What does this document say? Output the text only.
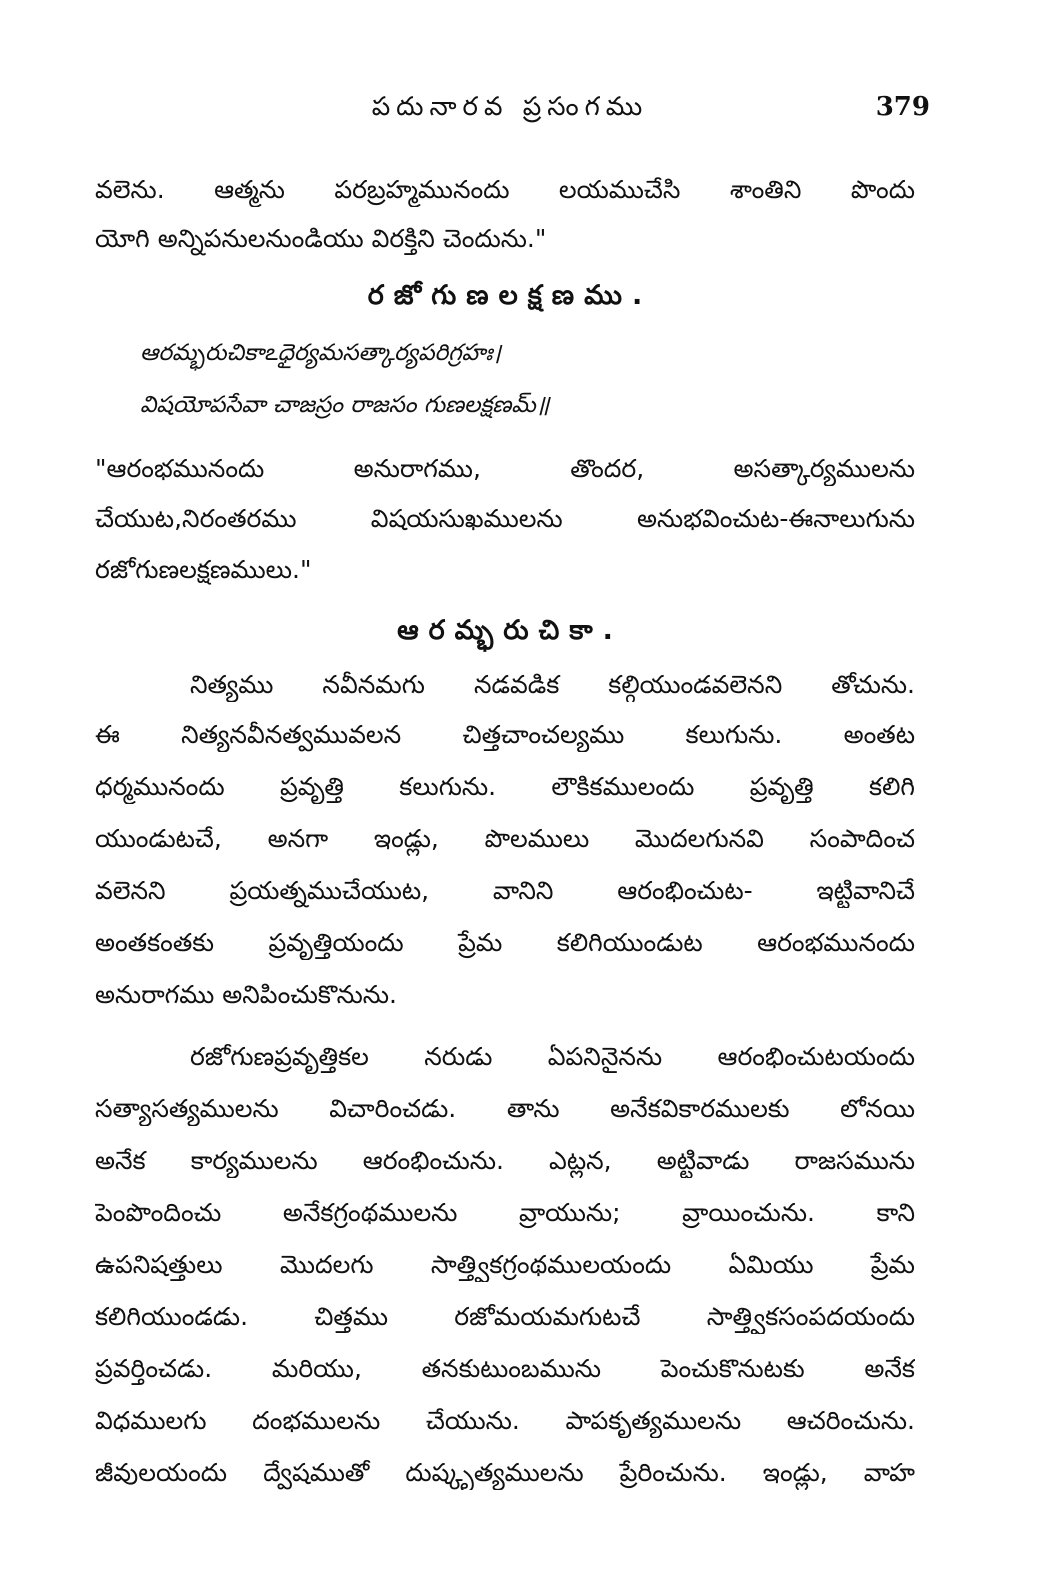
పదునారవ ప్రసంగము	379
వలెను. ఆత్మను పరబ్రహ్మమునందు లయముచేసి శాంతిని పొందు
యోగి అన్నిపనులనుండియు విరక్తిని చెందును."
రజోగుణలక్షణము.
ఆరమ్భరుచికాఽధైర్యమసత్కార్యపరిగ్రహః।
విషయోపసేవా చాజస్రం రాజసం గుణలక్షణమ్॥
"ఆరంభమునందు అనురాగము, తొందర, అసత్కార్యములను
చేయుట,నిరంతరము విషయసుఖములను అనుభవించుట-ఈనాలుగును
రజోగుణలక్షణములు."
ఆరమ్భరుచికా.
నిత్యము నవీనమగు నడవడిక కల్గియుండవలెనని తోచును.
ఈ నిత్యనవీనత్వమువలన చిత్తచాంచల్యము కలుగును. అంతట
ధర్మమునందు ప్రవృత్తి కలుగును. లౌకికములందు ప్రవృత్తి కలిగి
యుండుటచే, అనగా ఇండ్లు, పొలములు మొదలగునవి సంపాదించ
వలెనని ప్రయత్నముచేయుట, వానిని ఆరంభించుట- ఇట్టివానిచే
అంతకంతకు ప్రవృత్తియందు ప్రేమ కలిగియుండుట ఆరంభమునందు
అనురాగము అనిపించుకొనును.
రజోగుణప్రవృత్తికల నరుడు ఏపనినైనను ఆరంభించుటయందు
సత్యాసత్యములను విచారించడు. తాను అనేకవికారములకు లోనయి
అనేక కార్యములను ఆరంభించును. ఎట్లన, అట్టివాడు రాజసమును
పెంపొందించు అనేకగ్రంథములను వ్రాయును; వ్రాయించును. కాని
ఉపనిషత్తులు మొదలగు సాత్త్వికగ్రంథములయందు ఏమియు ప్రేమ
కలిగియుండడు. చిత్తము రజోమయమగుటచే సాత్త్వికసంపదయందు
ప్రవర్తించడు. మరియు, తనకుటుంబమును పెంచుకొనుటకు అనేక
విధములగు దంభములను చేయును. పాపకృత్యములను ఆచరించును.
జీవులయందు ద్వేషముతో దుష్కృత్యములను ప్రేరించును. ఇండ్లు, వాహ
